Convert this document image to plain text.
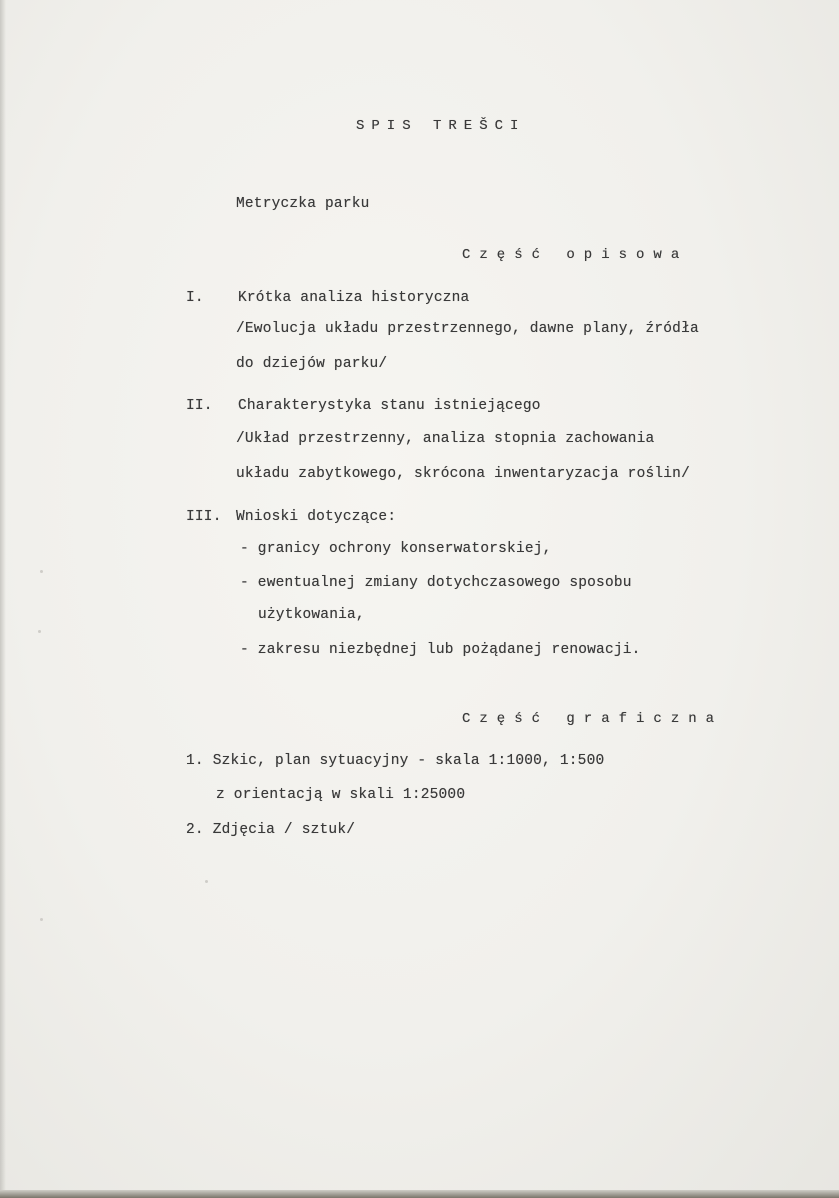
SPIS TREŠCI
Metryczka parku
Część opisowa
I. Krótka analiza historyczna
/Ewolucja układu przestrzennego, dawne plany, źródła
do dziejów parku/
II. Charakterystyka stanu istniejącego
/Układ przestrzenny, analiza stopnia zachowania
układu zabytkowego, skrócona inwentaryzacja roślin/
III. Wnioski dotyczące:
- granicy ochrony konserwatorskiej,
- ewentualnej zmiany dotychczasowego sposobu
użytkowania,
- zakresu niezbędnej lub pożądanej renowacji.
Część graficzna
1. Szkic, plan sytuacyjny - skala 1:1000, 1:500
z orientacją w skali 1:25000
2. Zdjęcia / sztuk/
